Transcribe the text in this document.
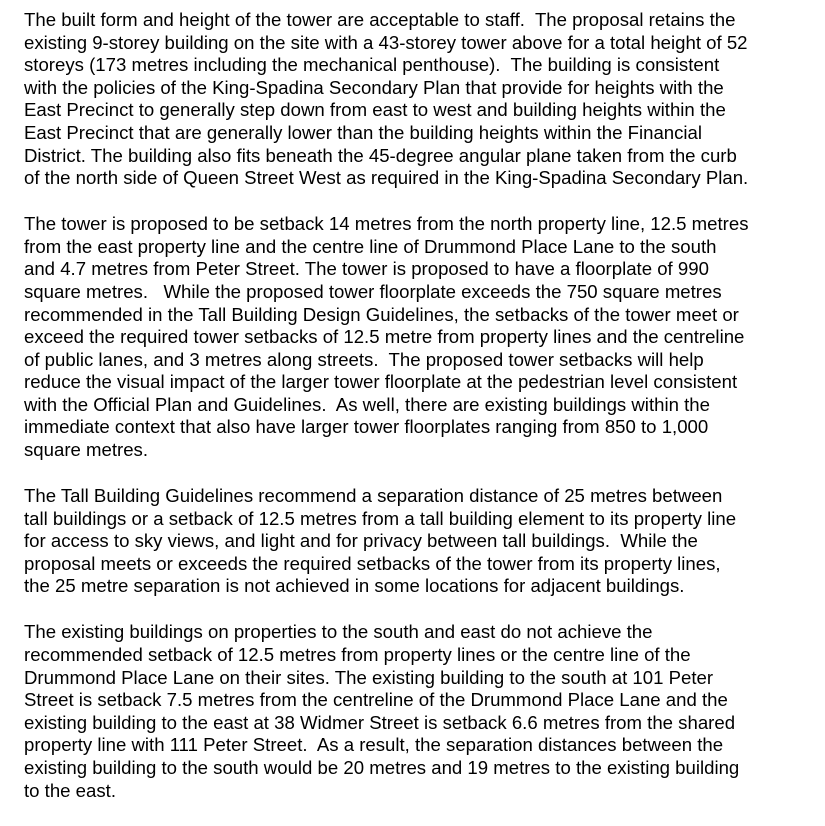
The built form and height of the tower are acceptable to staff.  The proposal retains the
existing 9-storey building on the site with a 43-storey tower above for a total height of 52
storeys (173 metres including the mechanical penthouse).  The building is consistent
with the policies of the King-Spadina Secondary Plan that provide for heights with the
East Precinct to generally step down from east to west and building heights within the
East Precinct that are generally lower than the building heights within the Financial
District. The building also fits beneath the 45-degree angular plane taken from the curb
of the north side of Queen Street West as required in the King-Spadina Secondary Plan.
The tower is proposed to be setback 14 metres from the north property line, 12.5 metres
from the east property line and the centre line of Drummond Place Lane to the south
and 4.7 metres from Peter Street. The tower is proposed to have a floorplate of 990
square metres.   While the proposed tower floorplate exceeds the 750 square metres
recommended in the Tall Building Design Guidelines, the setbacks of the tower meet or
exceed the required tower setbacks of 12.5 metre from property lines and the centreline
of public lanes, and 3 metres along streets.  The proposed tower setbacks will help
reduce the visual impact of the larger tower floorplate at the pedestrian level consistent
with the Official Plan and Guidelines.  As well, there are existing buildings within the
immediate context that also have larger tower floorplates ranging from 850 to 1,000
square metres.
The Tall Building Guidelines recommend a separation distance of 25 metres between
tall buildings or a setback of 12.5 metres from a tall building element to its property line
for access to sky views, and light and for privacy between tall buildings.  While the
proposal meets or exceeds the required setbacks of the tower from its property lines,
the 25 metre separation is not achieved in some locations for adjacent buildings.
The existing buildings on properties to the south and east do not achieve the
recommended setback of 12.5 metres from property lines or the centre line of the
Drummond Place Lane on their sites. The existing building to the south at 101 Peter
Street is setback 7.5 metres from the centreline of the Drummond Place Lane and the
existing building to the east at 38 Widmer Street is setback 6.6 metres from the shared
property line with 111 Peter Street.  As a result, the separation distances between the
existing building to the south would be 20 metres and 19 metres to the existing building
to the east.
